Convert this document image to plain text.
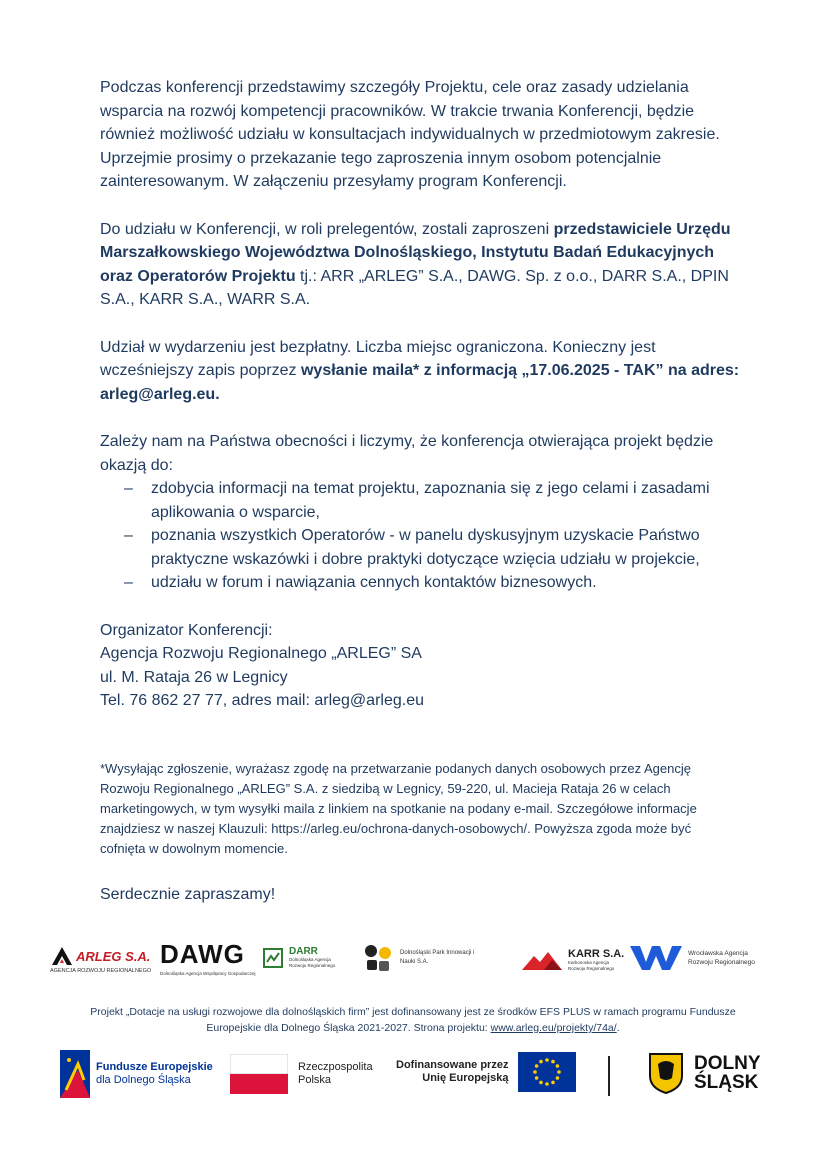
Podczas konferencji przedstawimy szczegóły Projektu, cele oraz zasady udzielania wsparcia na rozwój kompetencji pracowników. W trakcie trwania Konferencji, będzie również możliwość udziału w konsultacjach indywidualnych w przedmiotowym zakresie. Uprzejmie prosimy o przekazanie tego zaproszenia innym osobom potencjalnie zainteresowanym. W załączeniu przesyłamy program Konferencji.

Do udziału w Konferencji, w roli prelegentów, zostali zaproszeni przedstawiciele Urzędu Marszałkowskiego Województwa Dolnośląskiego, Instytutu Badań Edukacyjnych oraz Operatorów Projektu tj.: ARR „ARLEG” S.A., DAWG. Sp. z o.o., DARR S.A., DPIN S.A., KARR S.A., WARR S.A.

Udział w wydarzeniu jest bezpłatny. Liczba miejsc ograniczona. Konieczny jest wcześniejszy zapis poprzez wysłanie maila* z informacją „17.06.2025 - TAK” na adres: arleg@arleg.eu.

Zależy nam na Państwa obecności i liczymy, że konferencja otwierająca projekt będzie okazją do:

– zdobycia informacji na temat projektu, zapoznania się z jego celami i zasadami aplikowania o wsparcie,
– poznania wszystkich Operatorów - w panelu dyskusyjnym uzyskacie Państwo praktyczne wskazówki i dobre praktyki dotyczące wzięcia udziału w projekcie,
– udziału w forum i nawiązania cennych kontaktów biznesowych.

Organizator Konferencji:

Agencja Rozwoju Regionalnego „ARLEG” SA

ul. M. Rataja 26 w Legnicy

Tel. 76 862 27 77, adres mail: arleg@arleg.eu

*Wysyłając zgłoszenie, wyrażasz zgodę na przetwarzanie podanych danych osobowych przez Agencję Rozwoju Regionalnego „ARLEG” S.A. z siedzibą w Legnicy, 59-220, ul. Macieja Rataja 26 w celach marketingowych, w tym wysyłki maila z linkiem na spotkanie na podany e-mail. Szczegółowe informacje znajdziesz w naszej Klauzuli: https://arleg.eu/ochrona-danych-osobowych/. Powyższa zgoda może być cofnięta w dowolnym momencie.

Serdecznie zapraszamy!

ARLEG S.A.
AGENCJA ROZWOJU REGIONALNEGO
DAWG
Dolnośląska Agencja Współpracy Gospodarczej
DARR
Dolnośląska Agencja Rozwoju Regionalnego
Dolnośląski Park Innowacji i Nauki S.A.
KARR S.A.
Karkonoska Agencja Rozwoju Regionalnego
Wrocławska Agencja Rozwoju Regionalnego
Projekt „Dotacje na usługi rozwojowe dla dolnośląskich firm” jest dofinansowany jest ze środków EFS PLUS w ramach programu Fundusze Europejskie dla Dolnego Śląska 2021-2027. Strona projektu: www.arleg.eu/projekty/74a/.
Fundusze Europejskie
dla Dolnego Śląska
Rzeczpospolita
Polska
Dofinansowane przez
Unię Europejską
DOLNY
ŚLĄSK
